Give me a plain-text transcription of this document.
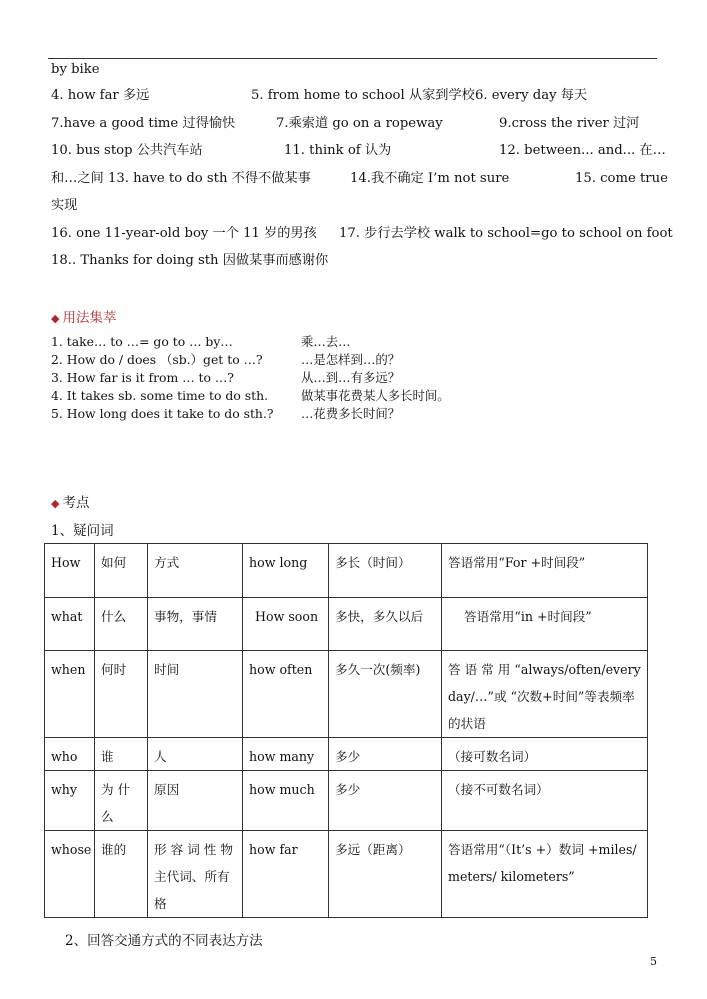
by bike
4. how far 多远	5. from home to school 从家到学校 6. every day 每天
7.have a good time 过得愉快	7.乘索道 go on a ropeway	9.cross the river 过河
10. bus stop 公共汽车站	11. think of 认为	12. between... and... 在…
和…之间 13. have to do sth 不得不做某事	14.我不确定 I’m not sure	15. come true
实现
16. one 11-year-old boy 一个 11 岁的男孩 17. 步行去学校 walk to school=go to school on foot
18.. Thanks for doing sth 因做某事而感谢你
◆ 用法集萃
1. take… to …= go to … by…	乘…去…
2. How do / does （sb.）get to …?	…是怎样到…的？
3. How far is it from … to …?	从…到…有多远？
4. It takes sb. some time to do sth.	做某事花费某人多长时间。
5. How long does it take to do sth.? …花费多长时间？
◆ 考点
1、疑问词
How	如何	方式	how long	多长（时间）	答语常用“For +时间段”
what	什么	事物，事情	How soon	多快，多久以后	答语常用“in +时间段”
when	何时	时间	how often	多久一次(频率)	答 语 常 用 “always/often/every day/…”或 “次数+时间”等表频率的状语
who	谁	人	how many	多少	（接可数名词）
why	为 什 么	原因	how much	多少	（接不可数名词）
whose	谁的	形 容 词 性 物 主代词、所有格	how far	多远（距离）	答语常用“（It’s +）数词 +miles/ meters/ kilometers”
2、回答交通方式的不同表达方法
5
